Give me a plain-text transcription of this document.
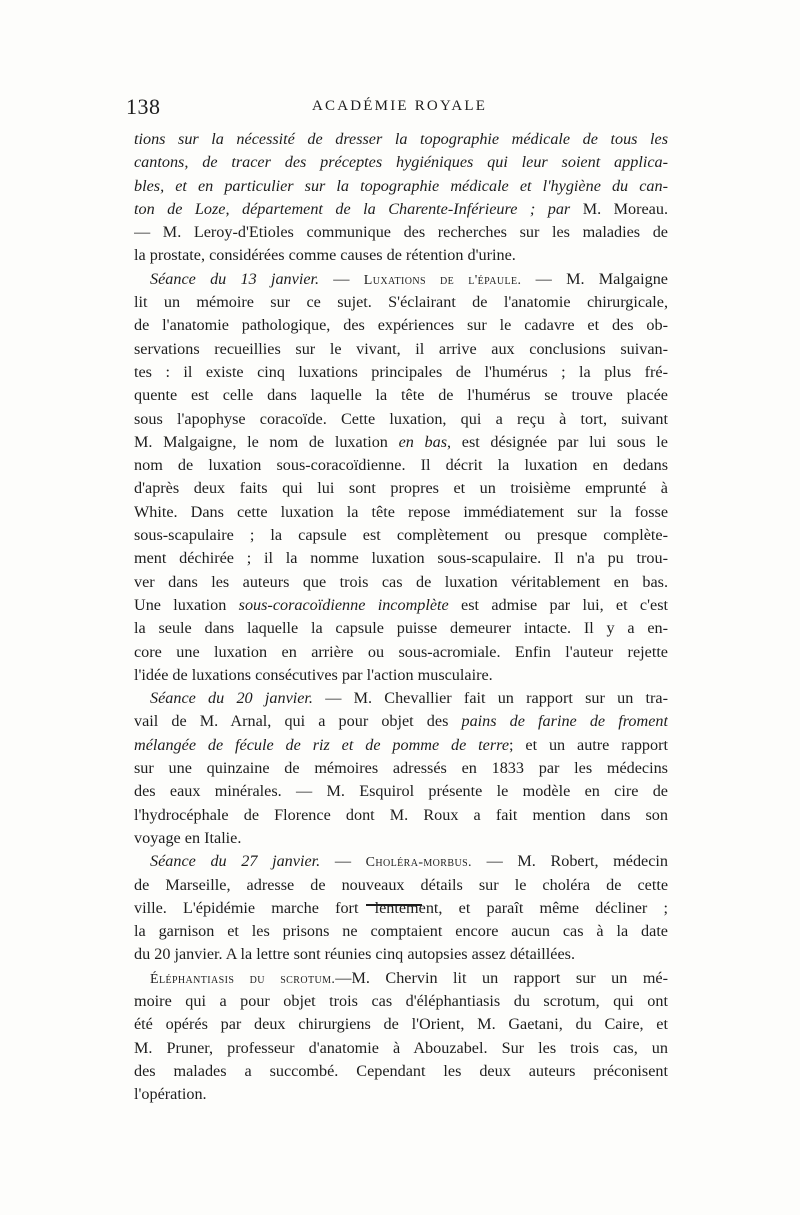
138	ACADÉMIE ROYALE
tions sur la nécessité de dresser la topographie médicale de tous les
cantons, de tracer des préceptes hygiéniques qui leur soient applica-
bles, et en particulier sur la topographie médicale et l'hygiène du can-
ton de Loze, département de la Charente-Inférieure ; par M. Moreau.
— M. Leroy-d'Etioles communique des recherches sur les maladies de
la prostate, considérées comme causes de rétention d'urine.
Séance du 13 janvier. — Luxations de l'épaule. — M. Malgaigne
lit un mémoire sur ce sujet. S'éclairant de l'anatomie chirurgicale,
de l'anatomie pathologique, des expériences sur le cadavre et des ob-
servations recueillies sur le vivant, il arrive aux conclusions suivan-
tes : il existe cinq luxations principales de l'humérus ; la plus fré-
quente est celle dans laquelle la tête de l'humérus se trouve placée
sous l'apophyse coracoïde. Cette luxation, qui a reçu à tort, suivant
M. Malgaigne, le nom de luxation en bas, est désignée par lui sous le
nom de luxation sous-coracoïdienne. Il décrit la luxation en dedans
d'après deux faits qui lui sont propres et un troisième emprunté à
White. Dans cette luxation la tête repose immédiatement sur la fosse
sous-scapulaire ; la capsule est complètement ou presque complète-
ment déchirée ; il la nomme luxation sous-scapulaire. Il n'a pu trou-
ver dans les auteurs que trois cas de luxation véritablement en bas.
Une luxation sous-coracoïdienne incomplète est admise par lui, et c'est
la seule dans laquelle la capsule puisse demeurer intacte. Il y a en-
core une luxation en arrière ou sous-acromiale. Enfin l'auteur rejette
l'idée de luxations consécutives par l'action musculaire.
Séance du 20 janvier. — M. Chevallier fait un rapport sur un tra-
vail de M. Arnal, qui a pour objet des pains de farine de froment
mélangée de fécule de riz et de pomme de terre; et un autre rapport
sur une quinzaine de mémoires adressés en 1833 par les médecins
des eaux minérales. — M. Esquirol présente le modèle en cire de
l'hydrocéphale de Florence dont M. Roux a fait mention dans son
voyage en Italie.
Séance du 27 janvier. — Choléra-morbus. — M. Robert, médecin
de Marseille, adresse de nouveaux détails sur le choléra de cette
ville. L'épidémie marche fort lentement, et paraît même décliner ;
la garnison et les prisons ne comptaient encore aucun cas à la date
du 20 janvier. A la lettre sont réunies cinq autopsies assez détaillées.
Éléphantiasis du scrotum.—M. Chervin lit un rapport sur un mé-
moire qui a pour objet trois cas d'éléphantiasis du scrotum, qui ont
été opérés par deux chirurgiens de l'Orient, M. Gaetani, du Caire, et
M. Pruner, professeur d'anatomie à Abouzabel. Sur les trois cas, un
des malades a succombé. Cependant les deux auteurs préconisent
l'opération.
